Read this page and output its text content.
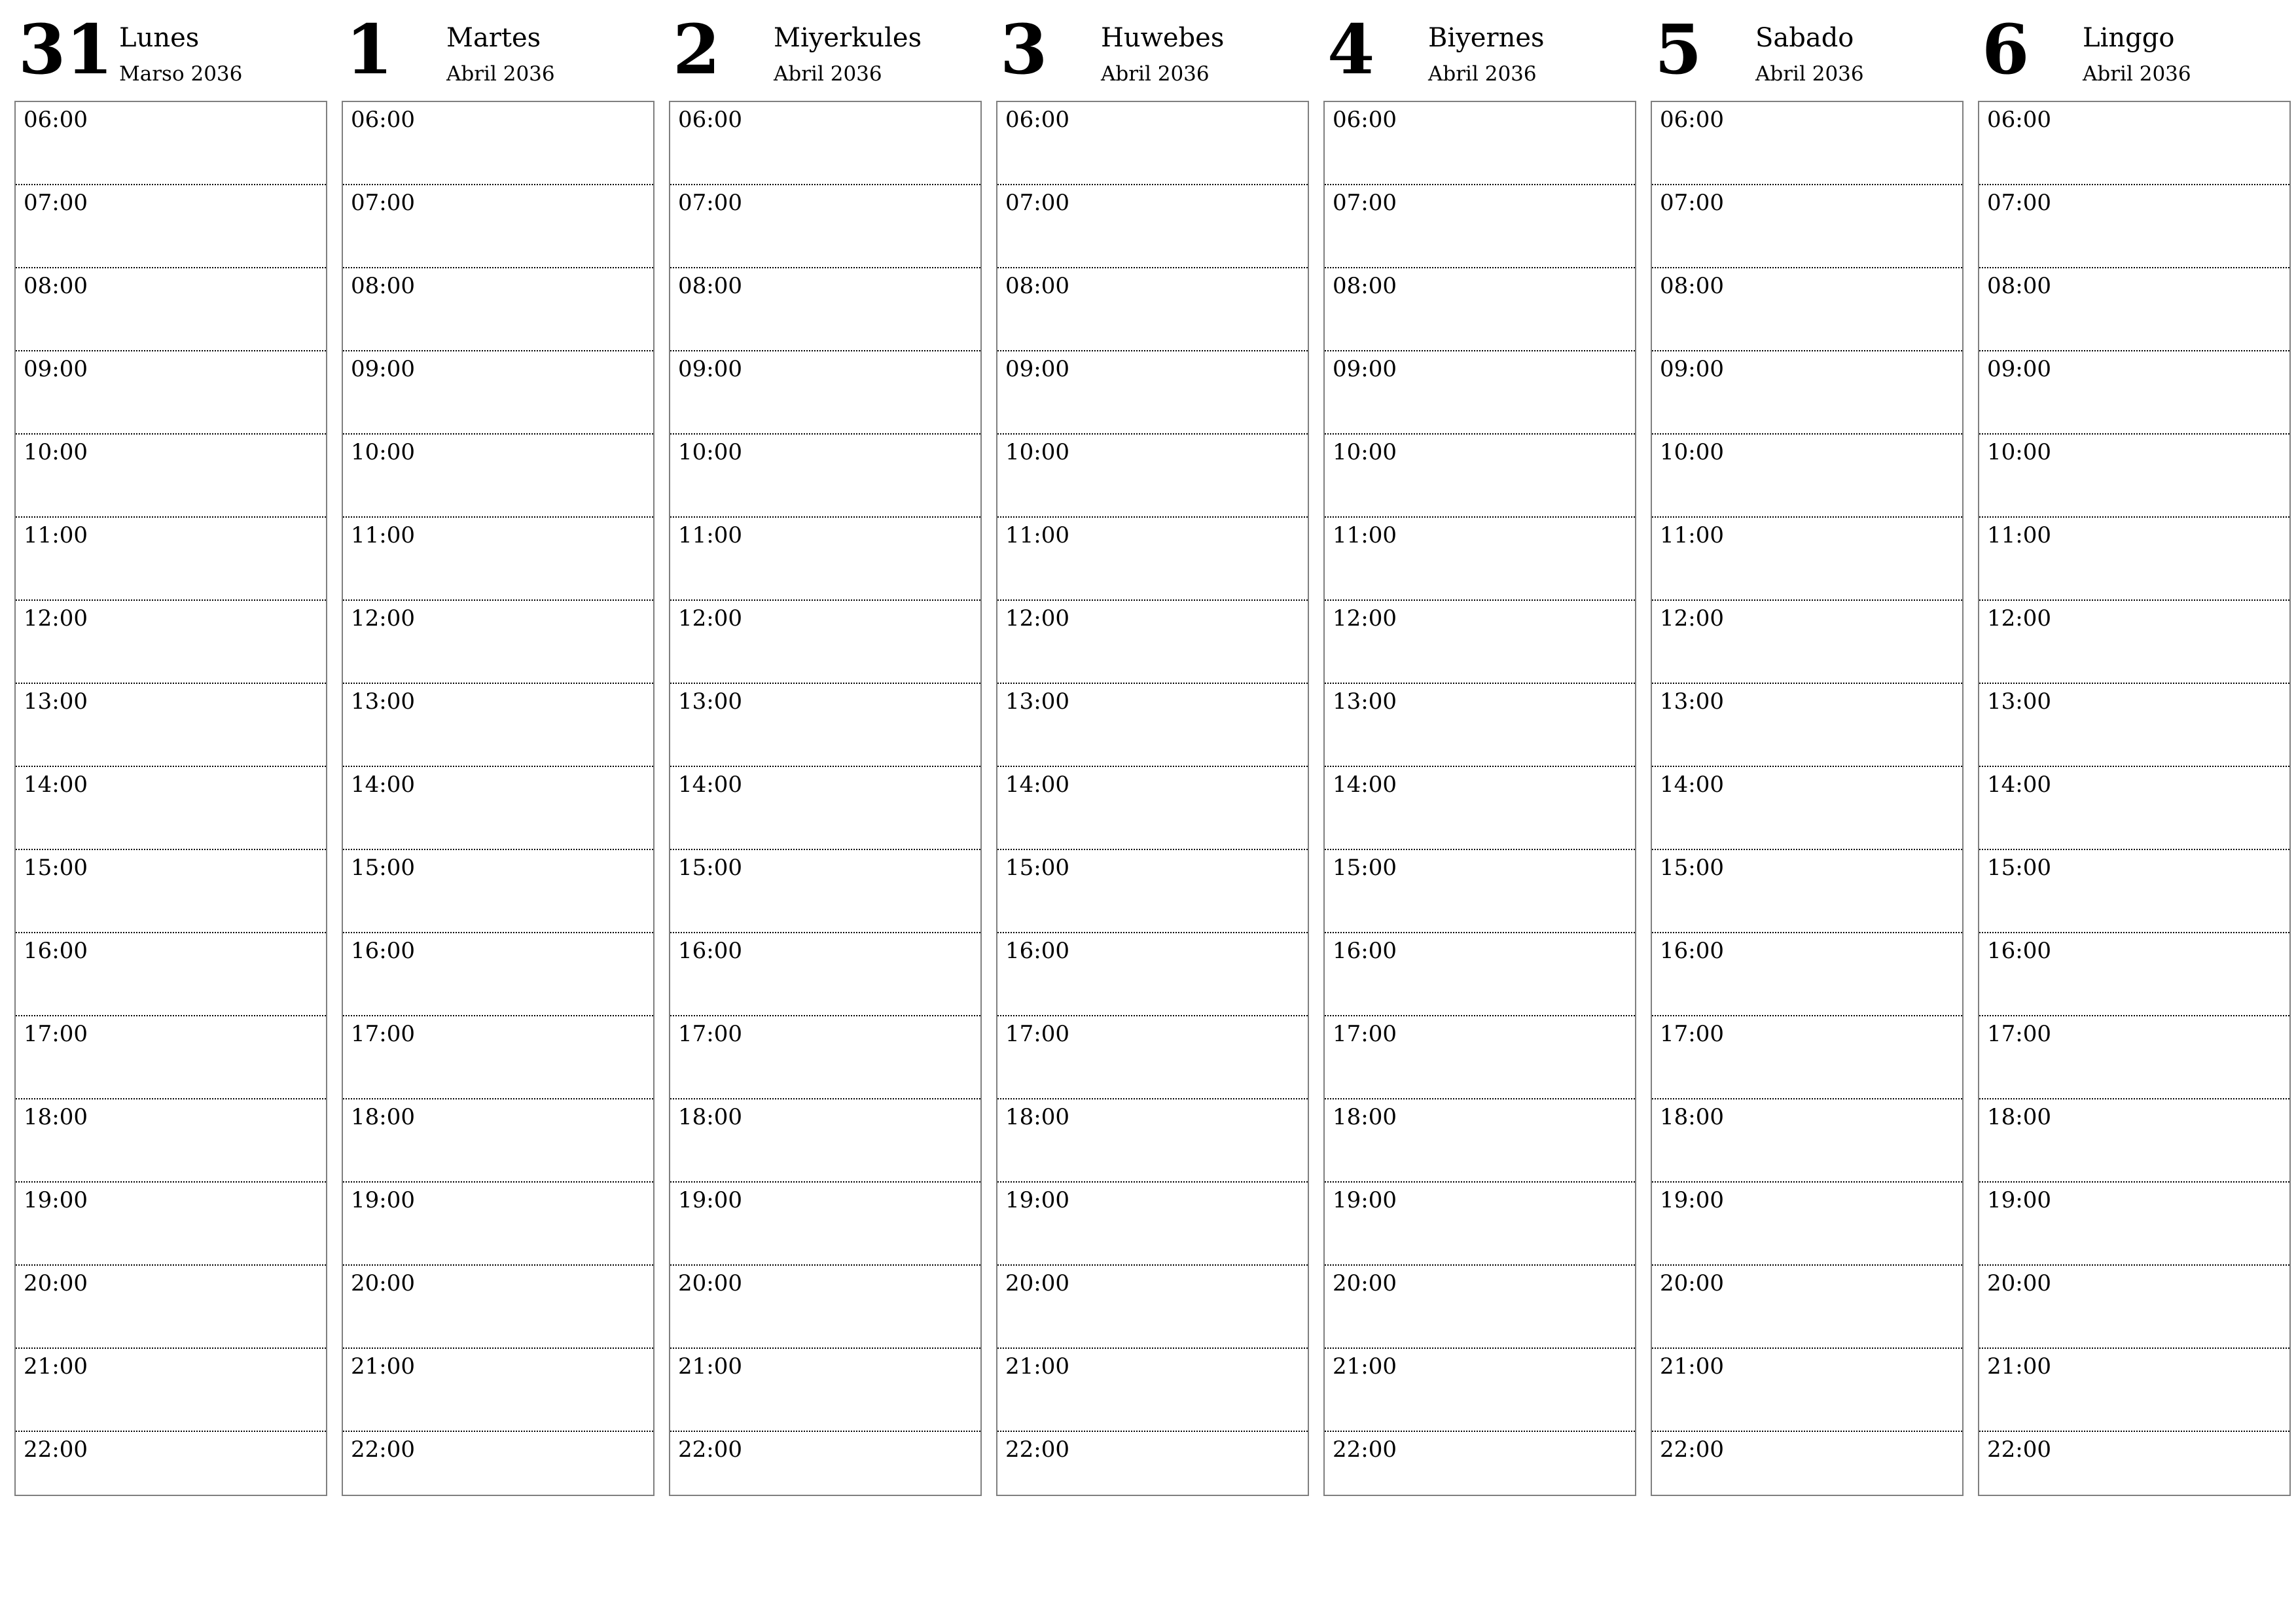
31 Lunes
Marso 2036
06:00
07:00
08:00
09:00
10:00
11:00
12:00
13:00
14:00
15:00
16:00
17:00
18:00
19:00
20:00
21:00
22:00
1 Martes
Abril 2036
06:00
07:00
08:00
09:00
10:00
11:00
12:00
13:00
14:00
15:00
16:00
17:00
18:00
19:00
20:00
21:00
22:00
2 Miyerkules
Abril 2036
06:00
07:00
08:00
09:00
10:00
11:00
12:00
13:00
14:00
15:00
16:00
17:00
18:00
19:00
20:00
21:00
22:00
3 Huwebes
Abril 2036
06:00
07:00
08:00
09:00
10:00
11:00
12:00
13:00
14:00
15:00
16:00
17:00
18:00
19:00
20:00
21:00
22:00
4 Biyernes
Abril 2036
06:00
07:00
08:00
09:00
10:00
11:00
12:00
13:00
14:00
15:00
16:00
17:00
18:00
19:00
20:00
21:00
22:00
5 Sabado
Abril 2036
06:00
07:00
08:00
09:00
10:00
11:00
12:00
13:00
14:00
15:00
16:00
17:00
18:00
19:00
20:00
21:00
22:00
6 Linggo
Abril 2036
06:00
07:00
08:00
09:00
10:00
11:00
12:00
13:00
14:00
15:00
16:00
17:00
18:00
19:00
20:00
21:00
22:00
